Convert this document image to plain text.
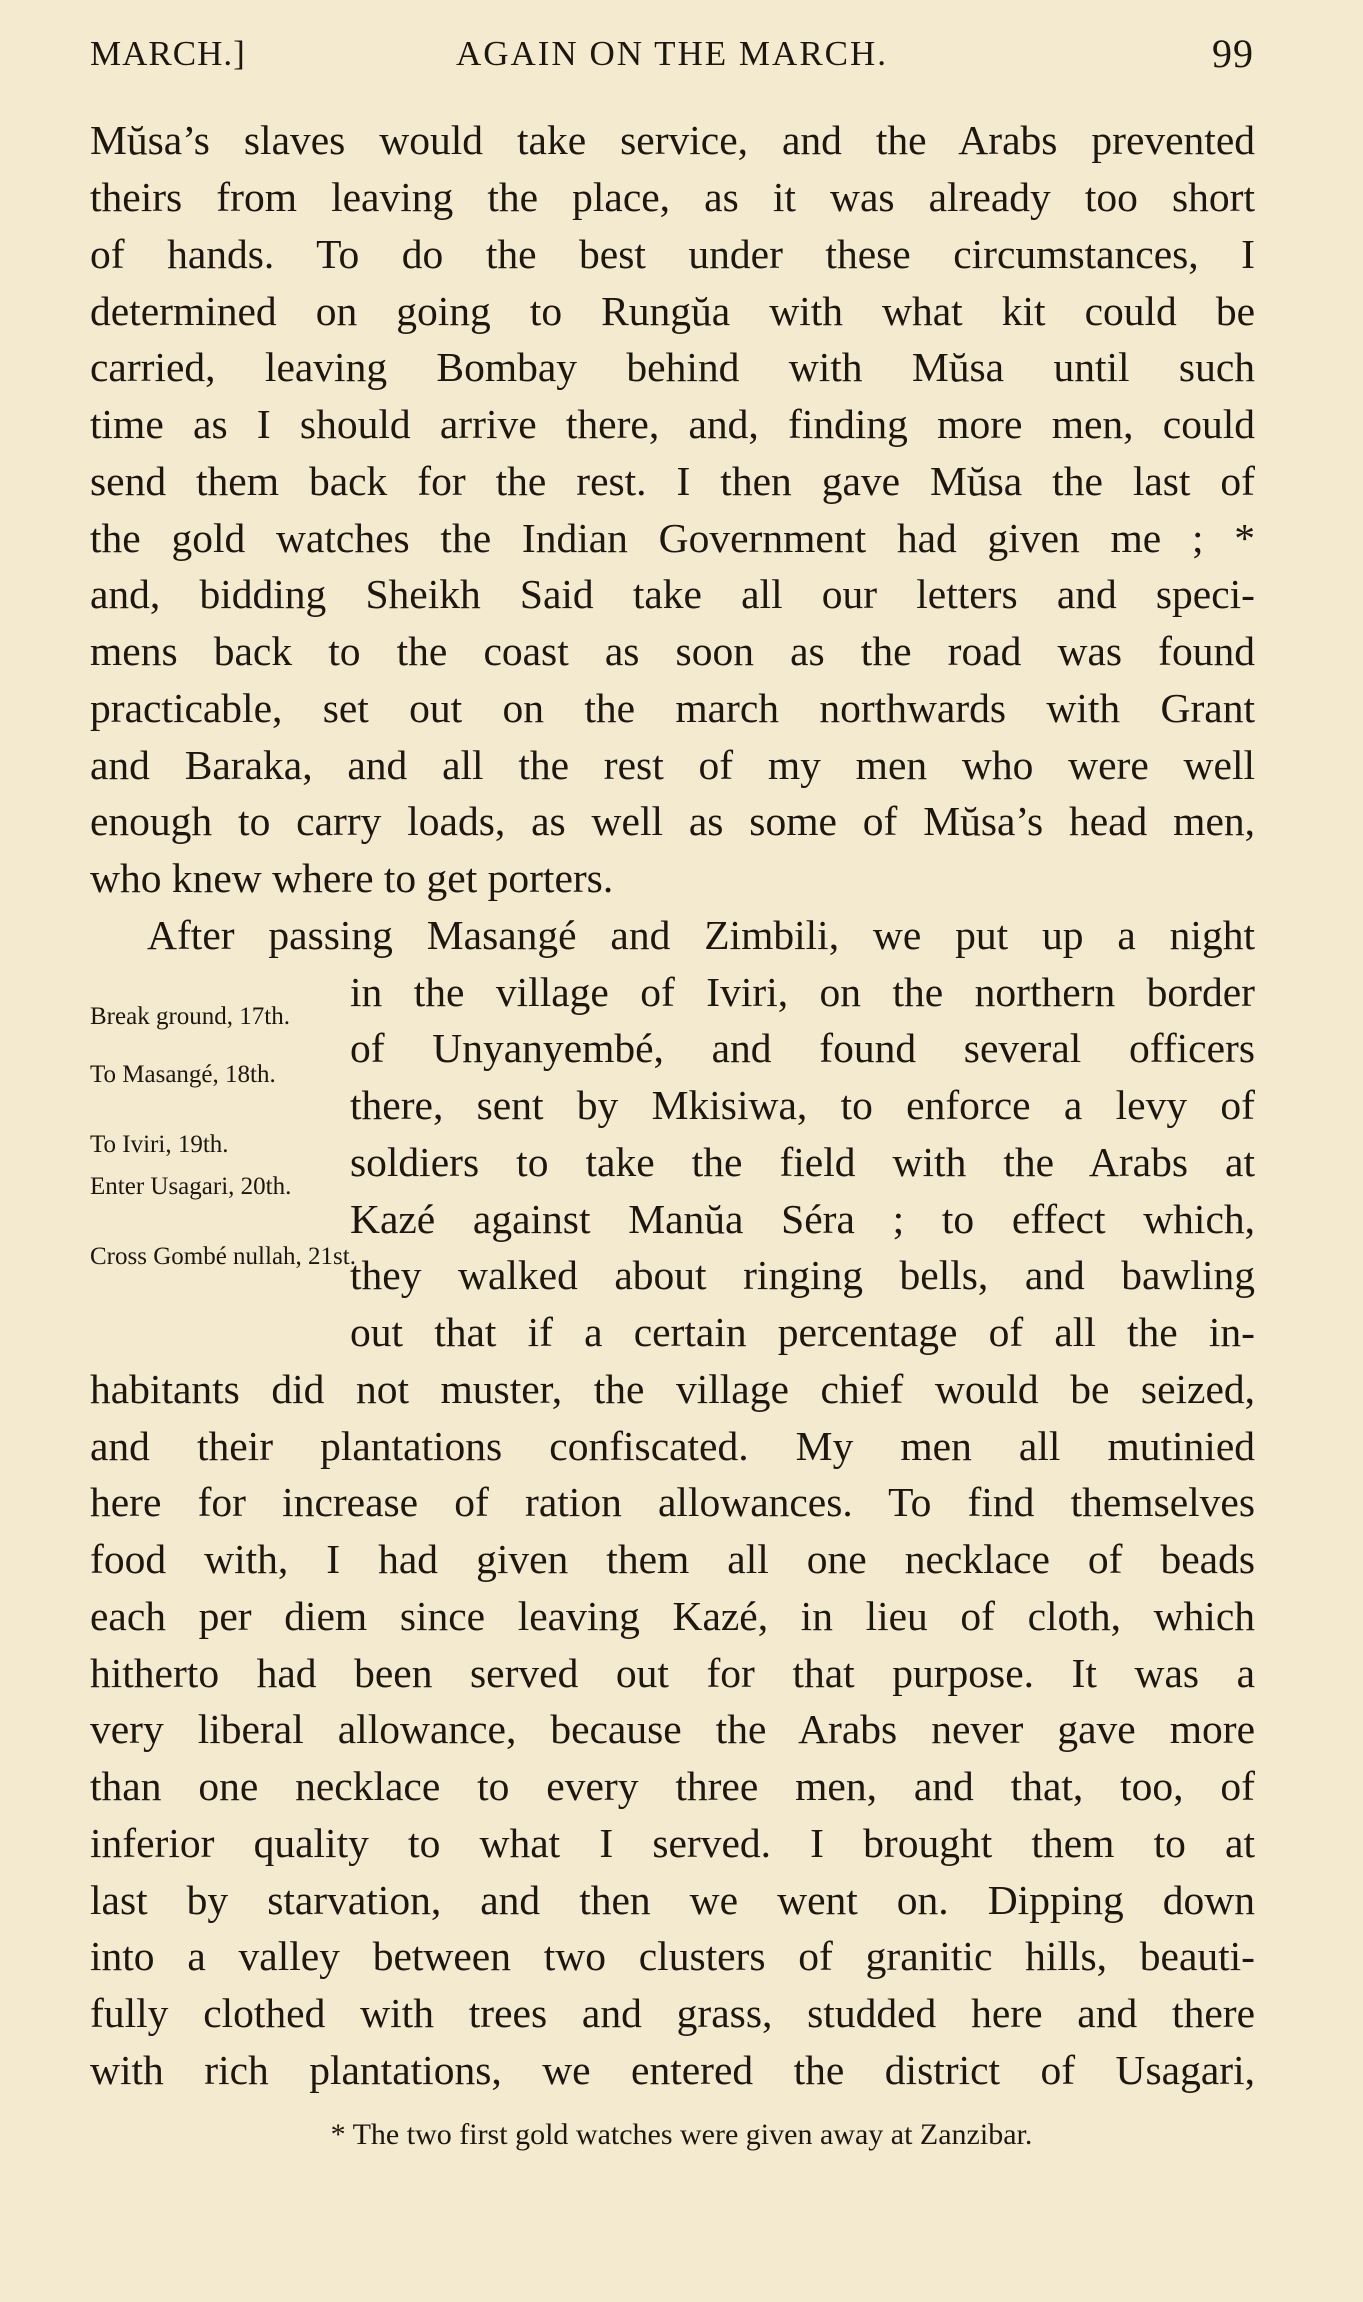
MARCH.]	AGAIN ON THE MARCH.	99
Mŭsa’s slaves would take service, and the Arabs prevented
theirs from leaving the place, as it was already too short
of hands. To do the best under these circumstances, I
determined on going to Rungŭa with what kit could be
carried, leaving Bombay behind with Mŭsa until such
time as I should arrive there, and, finding more men, could
send them back for the rest. I then gave Mŭsa the last of
the gold watches the Indian Government had given me ; *
and, bidding Sheikh Said take all our letters and speci-
mens back to the coast as soon as the road was found
practicable, set out on the march northwards with Grant
and Baraka, and all the rest of my men who were well
enough to carry loads, as well as some of Mŭsa’s head men,
who knew where to get porters.
After passing Masangé and Zimbili, we put up a night
in the village of Iviri, on the northern border
of Unyanyembé, and found several officers
there, sent by Mkisiwa, to enforce a levy of
soldiers to take the field with the Arabs at
Kazé against Manŭa Séra ; to effect which,
they walked about ringing bells, and bawling
out that if a certain percentage of all the in-
habitants did not muster, the village chief would be seized,
and their plantations confiscated. My men all mutinied
here for increase of ration allowances. To find themselves
food with, I had given them all one necklace of beads
each per diem since leaving Kazé, in lieu of cloth, which
hitherto had been served out for that purpose. It was a
very liberal allowance, because the Arabs never gave more
than one necklace to every three men, and that, too, of
inferior quality to what I served. I brought them to at
last by starvation, and then we went on. Dipping down
into a valley between two clusters of granitic hills, beauti-
fully clothed with trees and grass, studded here and there
with rich plantations, we entered the district of Usagari,
Break ground, 17th.
To Masangé, 18th.
To Iviri, 19th.
Enter Usagari, 20th.
Cross Gombé nullah, 21st.
* The two first gold watches were given away at Zanzibar.
